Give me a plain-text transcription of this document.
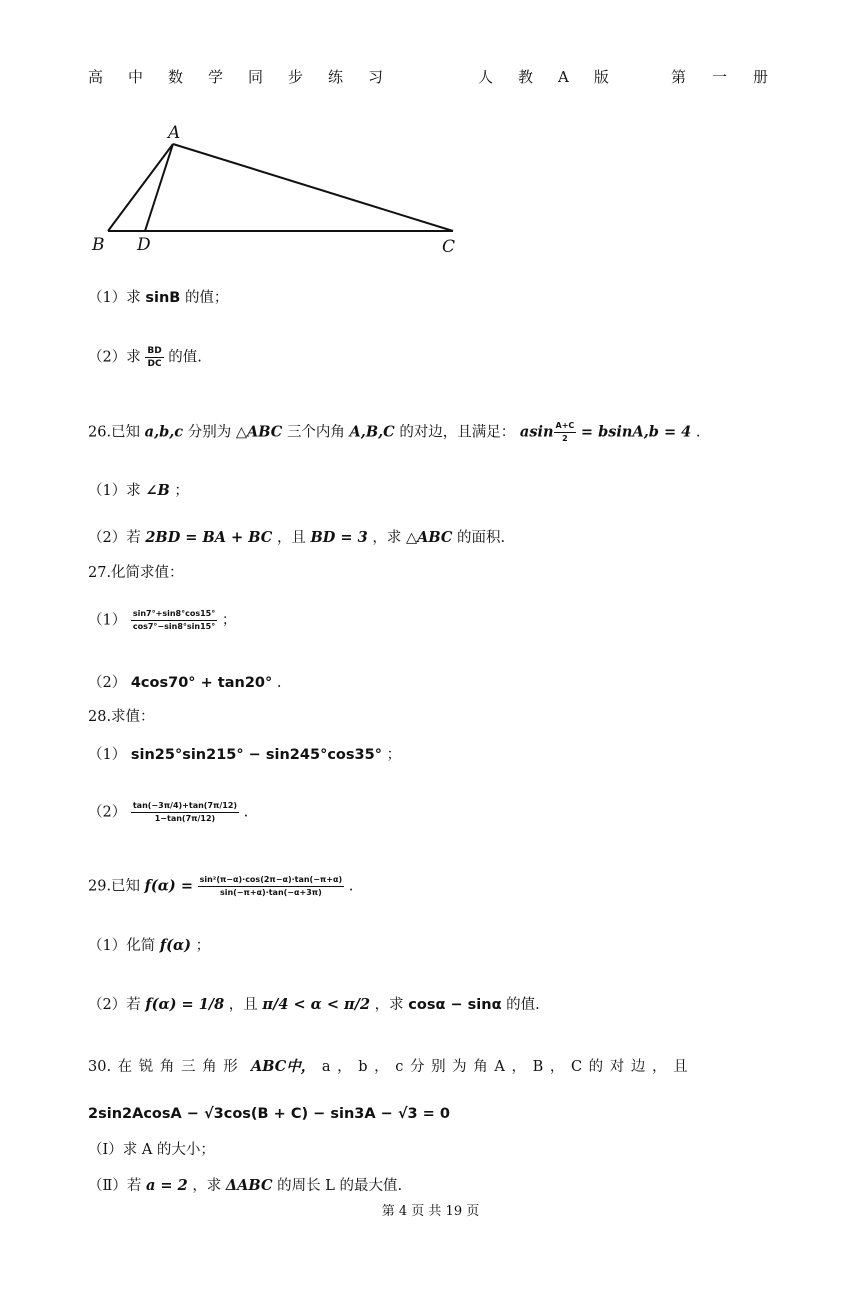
高中数学同步练习	人教A版 第一册
A
B D	C
（1）求 sinB 的值；
（2）求 $\frac{BD}{DC}$ 的值.
26.已知 a,b,c 分别为 △ABC 三个内角 A,B,C 的对边，且满足： asin $\frac{A+C}{2} = bsinA,b = 4$ .
（1）求 ∠B ；
（2）若 2BD = BA + BC ，且 BD = 3 ，求 △ABC 的面积.
27.化简求值：
$(1) \frac{\sin 7^\circ+\sin 8^\circ\cos 15^\circ}{\cos 7^\circ-\sin 8^\circ\sin 15^\circ}$ ；
（2） 4cos70° + tan20° .
28.求值：
（1） sin25°sin215° − sin245°cos35° ；
$(2) \frac{\tan(-3\pi/4)+\tan(7\pi/12)}{1-\tan(7\pi/12)}$ .
29.已知 $f(\alpha) = \frac{\text{sin²(π−α)·cos(2π−α)·tan(−π+α)}}{\sin(-\pi+\alpha)\cdot\tan(-\alpha+3\pi)}$ .
（1）化简 f(α) ；
（2）若 f(α) = 1/8 ，且 π/4 < α < π/2 ，求 cosα − sinα 的值.
30. 在 锐 角 三 角 形 ABC中， a ， b ， c 分 别 为 角 A ， B ， C 的 对 边 ， 且
2sin2AcosA − √3cos(B + C) − sin3A − √3 = 0
（Ⅰ）求 A 的大小；
（Ⅱ）若 a = 2 ，求 ΔABC 的周长 L 的最大值.
第 4 页 共 19 页
